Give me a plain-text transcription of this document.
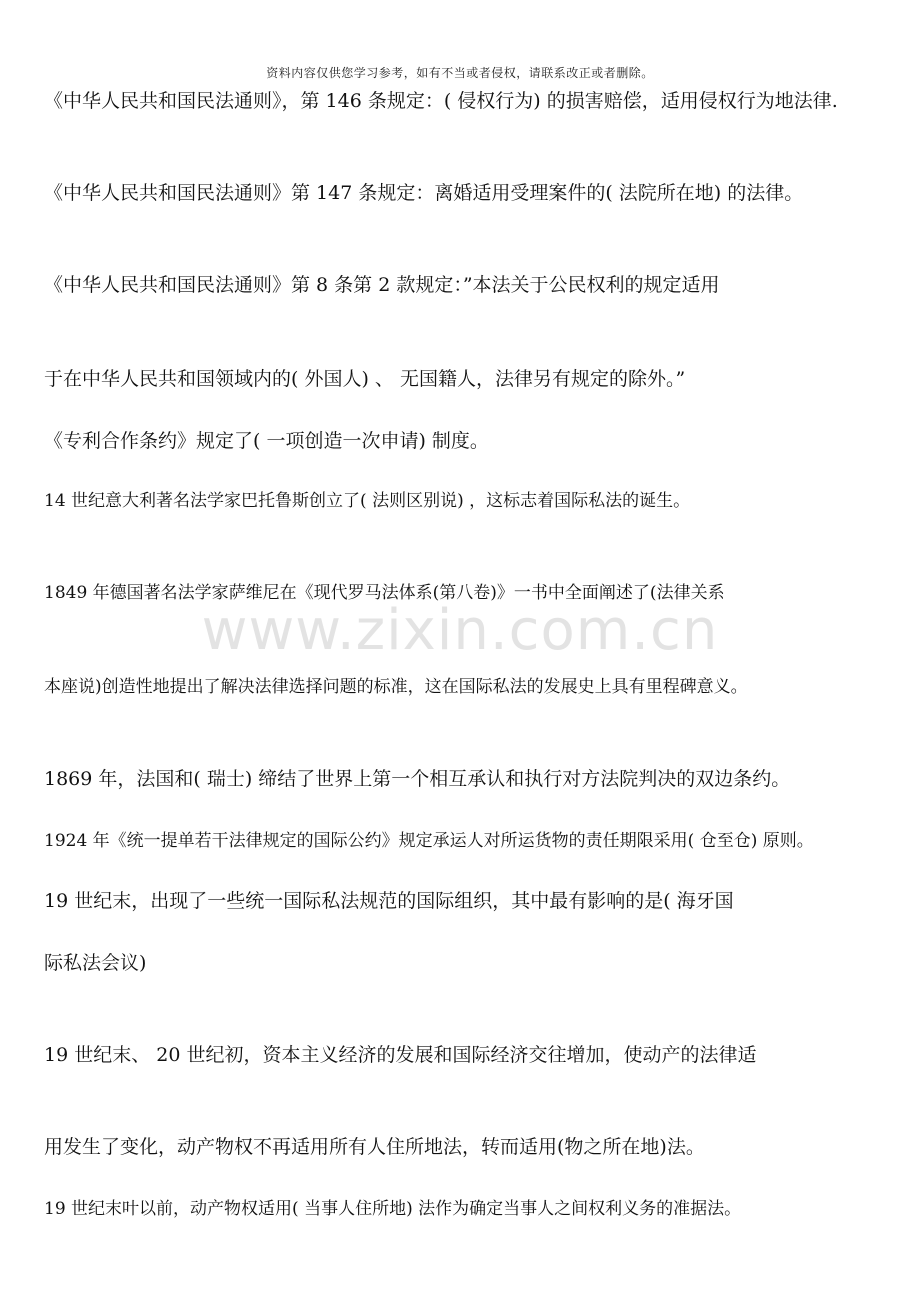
资料内容仅供您学习参考，如有不当或者侵权，请联系改正或者删除。
www.zixin.com.cn
《中华人民共和国民法通则》，第 146 条规定：( 侵权行为) 的损害赔偿，适用侵权行为地法律.
《中华人民共和国民法通则》第 147 条规定：离婚适用受理案件的( 法院所在地) 的法律。
《中华人民共和国民法通则》第 8 条第 2 款规定：”本法关于公民权利的规定适用
于在中华人民共和国领域内的( 外国人) 、 无国籍人，法律另有规定的除外。”
《专利合作条约》规定了( 一项创造一次申请) 制度。
14 世纪意大利著名法学家巴托鲁斯创立了( 法则区别说) ，这标志着国际私法的诞生。
1849 年德国著名法学家萨维尼在《现代罗马法体系(第八卷)》一书中全面阐述了(法律关系
本座说)创造性地提出了解决法律选择问题的标准，这在国际私法的发展史上具有里程碑意义。
1869 年，法国和( 瑞士) 缔结了世界上第一个相互承认和执行对方法院判决的双边条约。
1924 年《统一提单若干法律规定的国际公约》规定承运人对所运货物的责任期限采用( 仓至仓) 原则。
19 世纪末，出现了一些统一国际私法规范的国际组织，其中最有影响的是( 海牙国
际私法会议)
19 世纪末、 20 世纪初，资本主义经济的发展和国际经济交往增加，使动产的法律适
用发生了变化，动产物权不再适用所有人住所地法，转而适用(物之所在地)法。
19 世纪末叶以前，动产物权适用( 当事人住所地) 法作为确定当事人之间权利义务的准据法。
